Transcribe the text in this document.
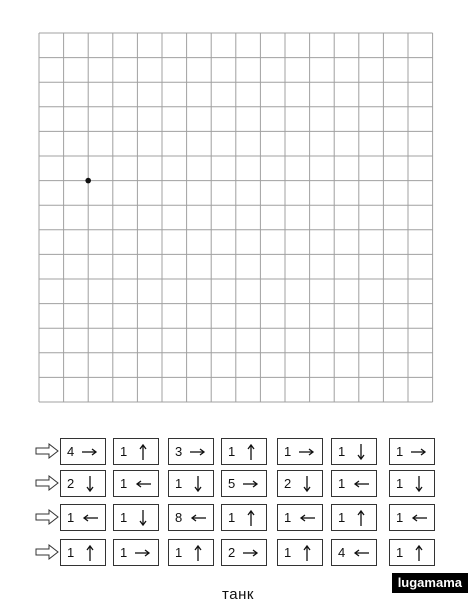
4	1	3	1	1	1	1
2	1	1	5	2	1	1
1	1	8	1	1	1	1
1	1	1	2	1	4	1
танк
lugamama
